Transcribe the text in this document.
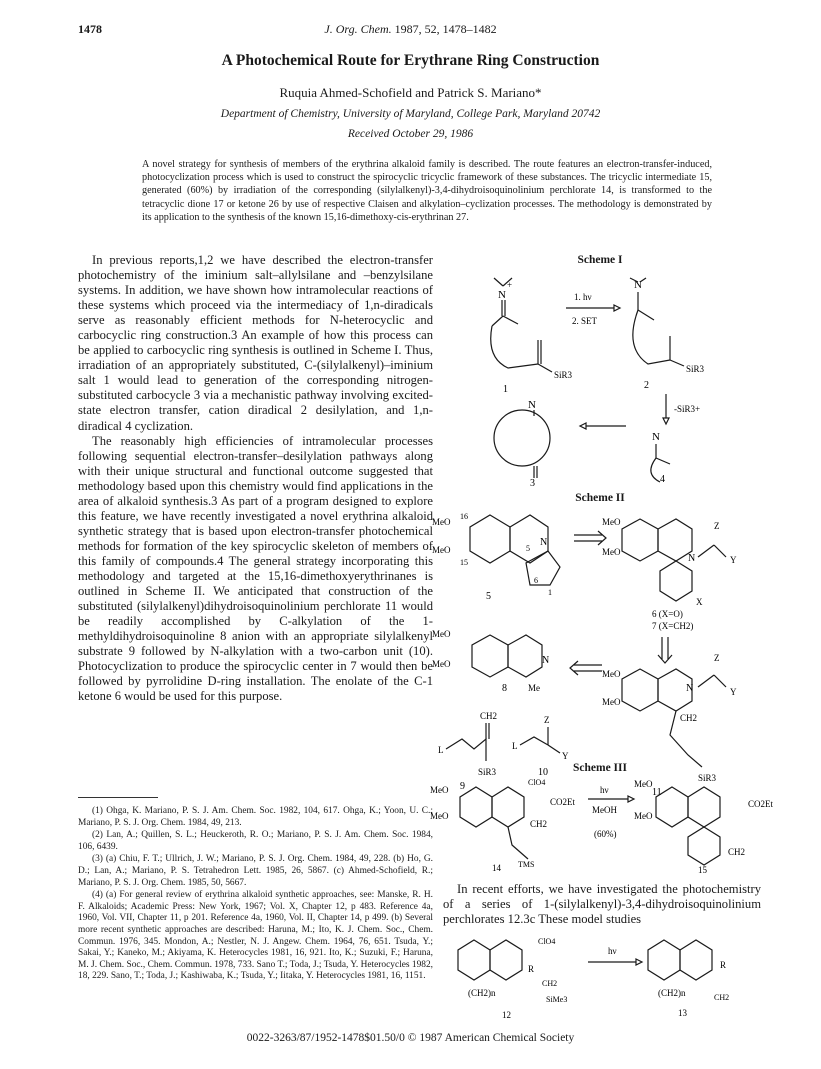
1478	J. Org. Chem. 1987, 52, 1478–1482
A Photochemical Route for Erythrane Ring Construction
Ruquia Ahmed-Schofield and Patrick S. Mariano*
Department of Chemistry, University of Maryland, College Park, Maryland 20742
Received October 29, 1986
A novel strategy for synthesis of members of the erythrina alkaloid family is described. The route features an electron-transfer-induced, photocyclization process which is used to construct the spirocyclic tricyclic framework of these substances. The tricyclic intermediate 15, generated (60%) by irradiation of the corresponding (silylalkenyl)-3,4-dihydroisoquinolinium perchlorate 14, is transformed to the tetracyclic dione 17 or ketone 26 by use of respective Claisen and alkylation–cyclization processes. The methodology is demonstrated by its application to the synthesis of the known 15,16-dimethoxy-cis-erythrinan 27.

In previous reports,1,2 we have described the electron-transfer photochemistry of the iminium salt–allylsilane and –benzylsilane systems. In addition, we have shown how intramolecular reactions of these systems which proceed via the intermediacy of 1,n-diradicals serve as reasonably efficient methods for N-heterocyclic and carbocyclic ring construction.3 An example of how this process can be applied to carbocyclic ring synthesis is outlined in Scheme I. Thus, irradiation of an appropriately substituted, C-(silylalkenyl)–iminium salt 1 would lead to generation of the corresponding nitrogen-substituted carbocycle 3 via a mechanistic pathway involving excited-state electron transfer, cation diradical 2 desilylation, and 1,n-diradical 4 cyclization.

The reasonably high efficiencies of intramolecular processes following sequential electron-transfer–desilylation pathways along with their unique structural and functional outcome suggested that methodology based upon this chemistry would find applications in the area of alkaloid synthesis.3 As part of a program designed to explore this feature, we have recently investigated a novel erythrina alkaloid synthetic strategy that is based upon electron-transfer photochemical methods for formation of the key spirocyclic skeleton of members of this family of compounds.4 The general strategy incorporating this methodology and targeted at the 15,16-dimethoxyerythrinanes is outlined in Scheme II. We anticipated that construction of the substituted (silylalkenyl)dihydroisoquinolinium perchlorate 11 would be readily accomplished by C-alkylation of the 1-methyldihydroisoquinoline 8 anion with an appropriate silylalkenyl substrate 9 followed by N-alkylation with a two-carbon unit (10). Photocyclization to produce the spirocyclic center in 7 would then be followed by pyrrolidine D-ring installation. The enolate of the C-1 ketone 6 would be used for this purpose.

(1) Ohga, K. Mariano, P. S. J. Am. Chem. Soc. 1982, 104, 617. Ohga, K.; Yoon, U. C.; Mariano, P. S. J. Org. Chem. 1984, 49, 213.

(2) Lan, A.; Quillen, S. L.; Heuckeroth, R. O.; Mariano, P. S. J. Am. Chem. Soc. 1984, 106, 6439.

(3) (a) Chiu, F. T.; Ullrich, J. W.; Mariano, P. S. J. Org. Chem. 1984, 49, 228. (b) Ho, G. D.; Lan, A.; Mariano, P. S. Tetrahedron Lett. 1985, 26, 5867. (c) Ahmed-Schofield, R.; Mariano, P. S. J. Org. Chem. 1985, 50, 5667.

(4) (a) For general review of erythrina alkaloid synthetic approaches, see: Manske, R. H. F. Alkaloids; Academic Press: New York, 1967; Vol. X, Chapter 12, p 483. Reference 4a, 1960, Vol. VII, Chapter 11, p 201. Reference 4a, 1960, Vol. II, Chapter 14, p 499. (b) Several more recent synthetic approaches are described: Haruna, M.; Ito, K. J. Chem. Soc., Chem. Commun. 1976, 345. Mondon, A.; Nestler, N. J. Angew. Chem. 1964, 76, 651. Tsuda, Y.; Sakai, Y.; Kaneko, M.; Akiyama, K. Heterocycles 1981, 16, 921. Ito, K.; Suzuki, F.; Haruna, M. J. Chem. Soc., Chem. Commun. 1978, 733. Sano T.; Toda, J.; Tsuda, Y. Heterocycles 1982, 18, 229. Sano, T.; Toda, J.; Kashiwaba, K.; Tsuda, Y.; Iitaka, Y. Heterocycles 1981, 16, 1151.

Scheme I
N
+
SiR3
1
1. hν
2. SET
N
SiR3
2
-SiR3+
N
4
N
3
Scheme II
MeO
MeO
16
15
N
5
6
1
5
MeO
MeO
N
Z
Y
X
6 (X=O)
7 (X=CH2)
MeO
MeO	N
Me
8
MeO
MeO
N
Z
Y
CH2
SiR3
11
L
CH2
SiR3
9
L
Z
Y
10	Scheme III
MeO
MeO
ClO4
CO2Et
CH2
TMS
14
hν
MeOH
(60%)
MeO
MeO
CO2Et
CH2
15

In recent efforts, we have investigated the photochemistry of a series of 1-(silylalkenyl)-3,4-dihydroisoquinolinium perchlorates 12.3c These model studies

ClO4
R
CH2
(CH2)n
SiMe3
12
hν
R
(CH2)n	CH2
13
0022-3263/87/1952-1478$01.50/0 © 1987 American Chemical Society
